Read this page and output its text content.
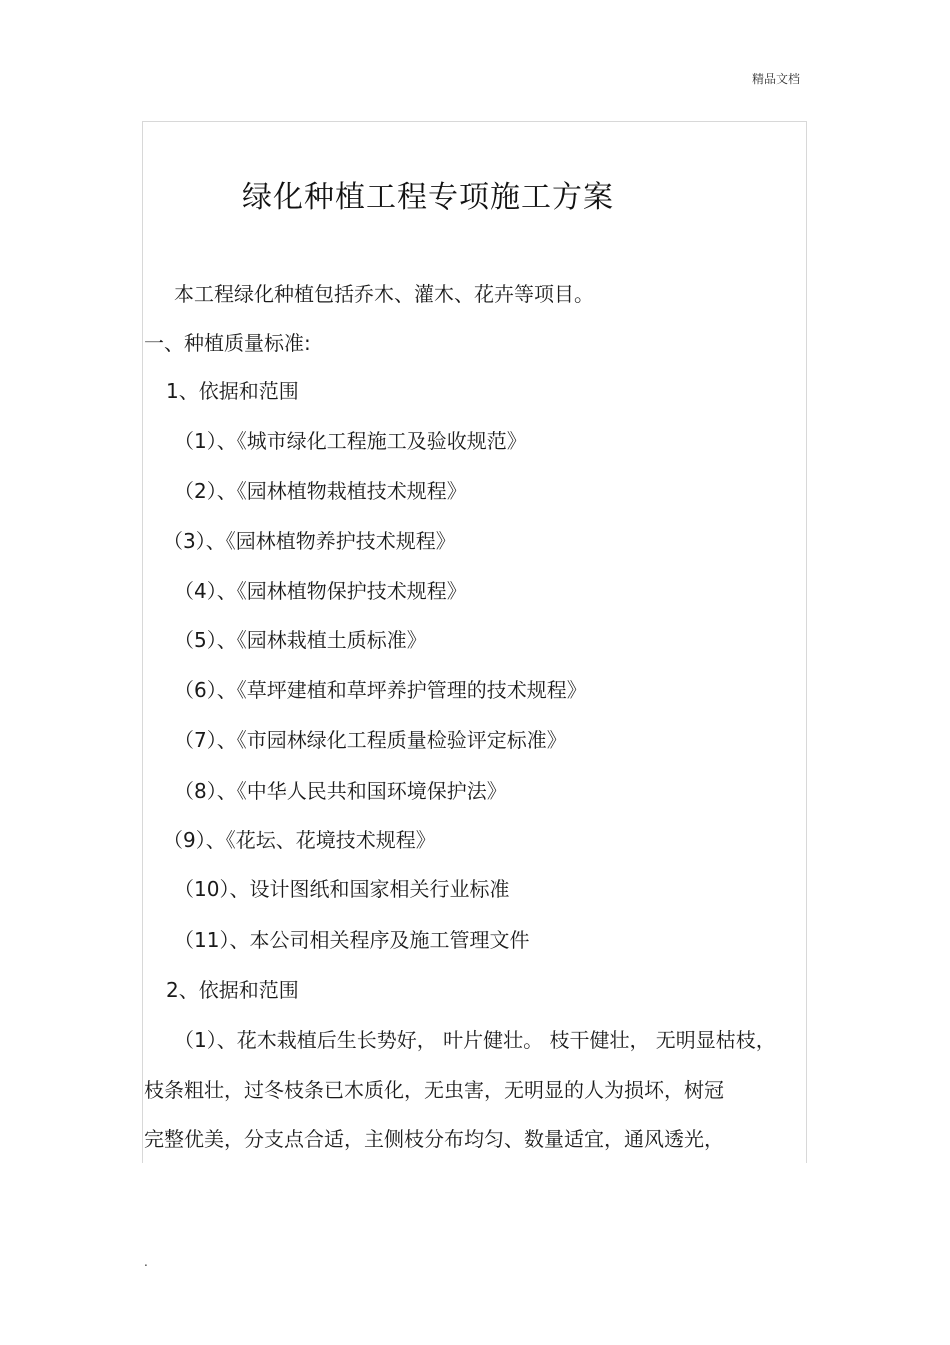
精品文档
绿化种植工程专项施工方案
本工程绿化种植包括乔木、灌木、花卉等项目。
一、种植质量标准:
1、依据和范围
（1）、《城市绿化工程施工及验收规范》
（2）、《园林植物栽植技术规程》
（3）、《园林植物养护技术规程》
（4）、《园林植物保护技术规程》
（5）、《园林栽植土质标准》
（6）、《草坪建植和草坪养护管理的技术规程》
（7）、《市园林绿化工程质量检验评定标准》
（8）、《中华人民共和国环境保护法》
（9）、《花坛、花境技术规程》
（10）、设计图纸和国家相关行业标准
（11）、本公司相关程序及施工管理文件
2、依据和范围
（1）、花木栽植后生长势好， 叶片健壮。 枝干健壮， 无明显枯枝，
枝条粗壮，过冬枝条已木质化，无虫害，无明显的人为损坏，树冠
完整优美，分支点合适，主侧枝分布均匀、数量适宜，通风透光，
.
